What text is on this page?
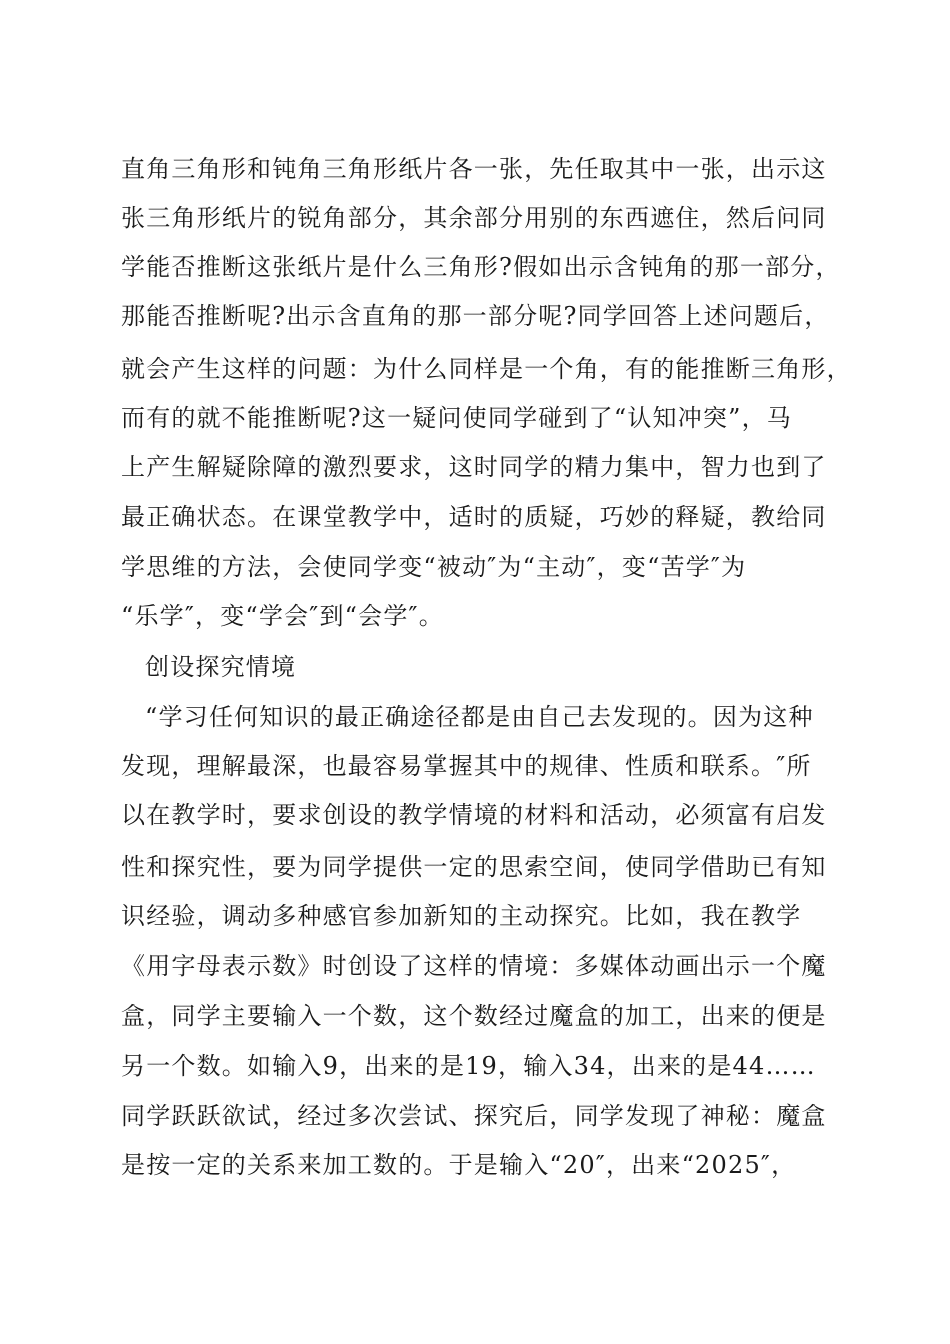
直角三角形和钝角三角形纸片各一张，先任取其中一张，出示这
张三角形纸片的锐角部分，其余部分用别的东西遮住，然后问同
学能否推断这张纸片是什么三角形?假如出示含钝角的那一部分，
那能否推断呢?出示含直角的那一部分呢?同学回答上述问题后，
就会产生这样的问题：为什么同样是一个角，有的能推断三角形，
而有的就不能推断呢?这一疑问使同学碰到了“认知冲突”，马
上产生解疑除障的激烈要求，这时同学的精力集中，智力也到了
最正确状态。在课堂教学中，适时的质疑，巧妙的释疑，教给同
学思维的方法，会使同学变“被动″为“主动″，变“苦学″为
“乐学″，变“学会″到“会学″。
创设探究情境
“学习任何知识的最正确途径都是由自己去发现的。因为这种
发现，理解最深，也最容易掌握其中的规律、性质和联系。″所
以在教学时，要求创设的教学情境的材料和活动，必须富有启发
性和探究性，要为同学提供一定的思索空间，使同学借助已有知
识经验，调动多种感官参加新知的主动探究。比如，我在教学
《用字母表示数》时创设了这样的情境：多媒体动画出示一个魔
盒，同学主要输入一个数，这个数经过魔盒的加工，出来的便是
另一个数。如输入9，出来的是19，输入34，出来的是44……
同学跃跃欲试，经过多次尝试、探究后，同学发现了神秘：魔盒
是按一定的关系来加工数的。于是输入“20″，出来“2025″，
